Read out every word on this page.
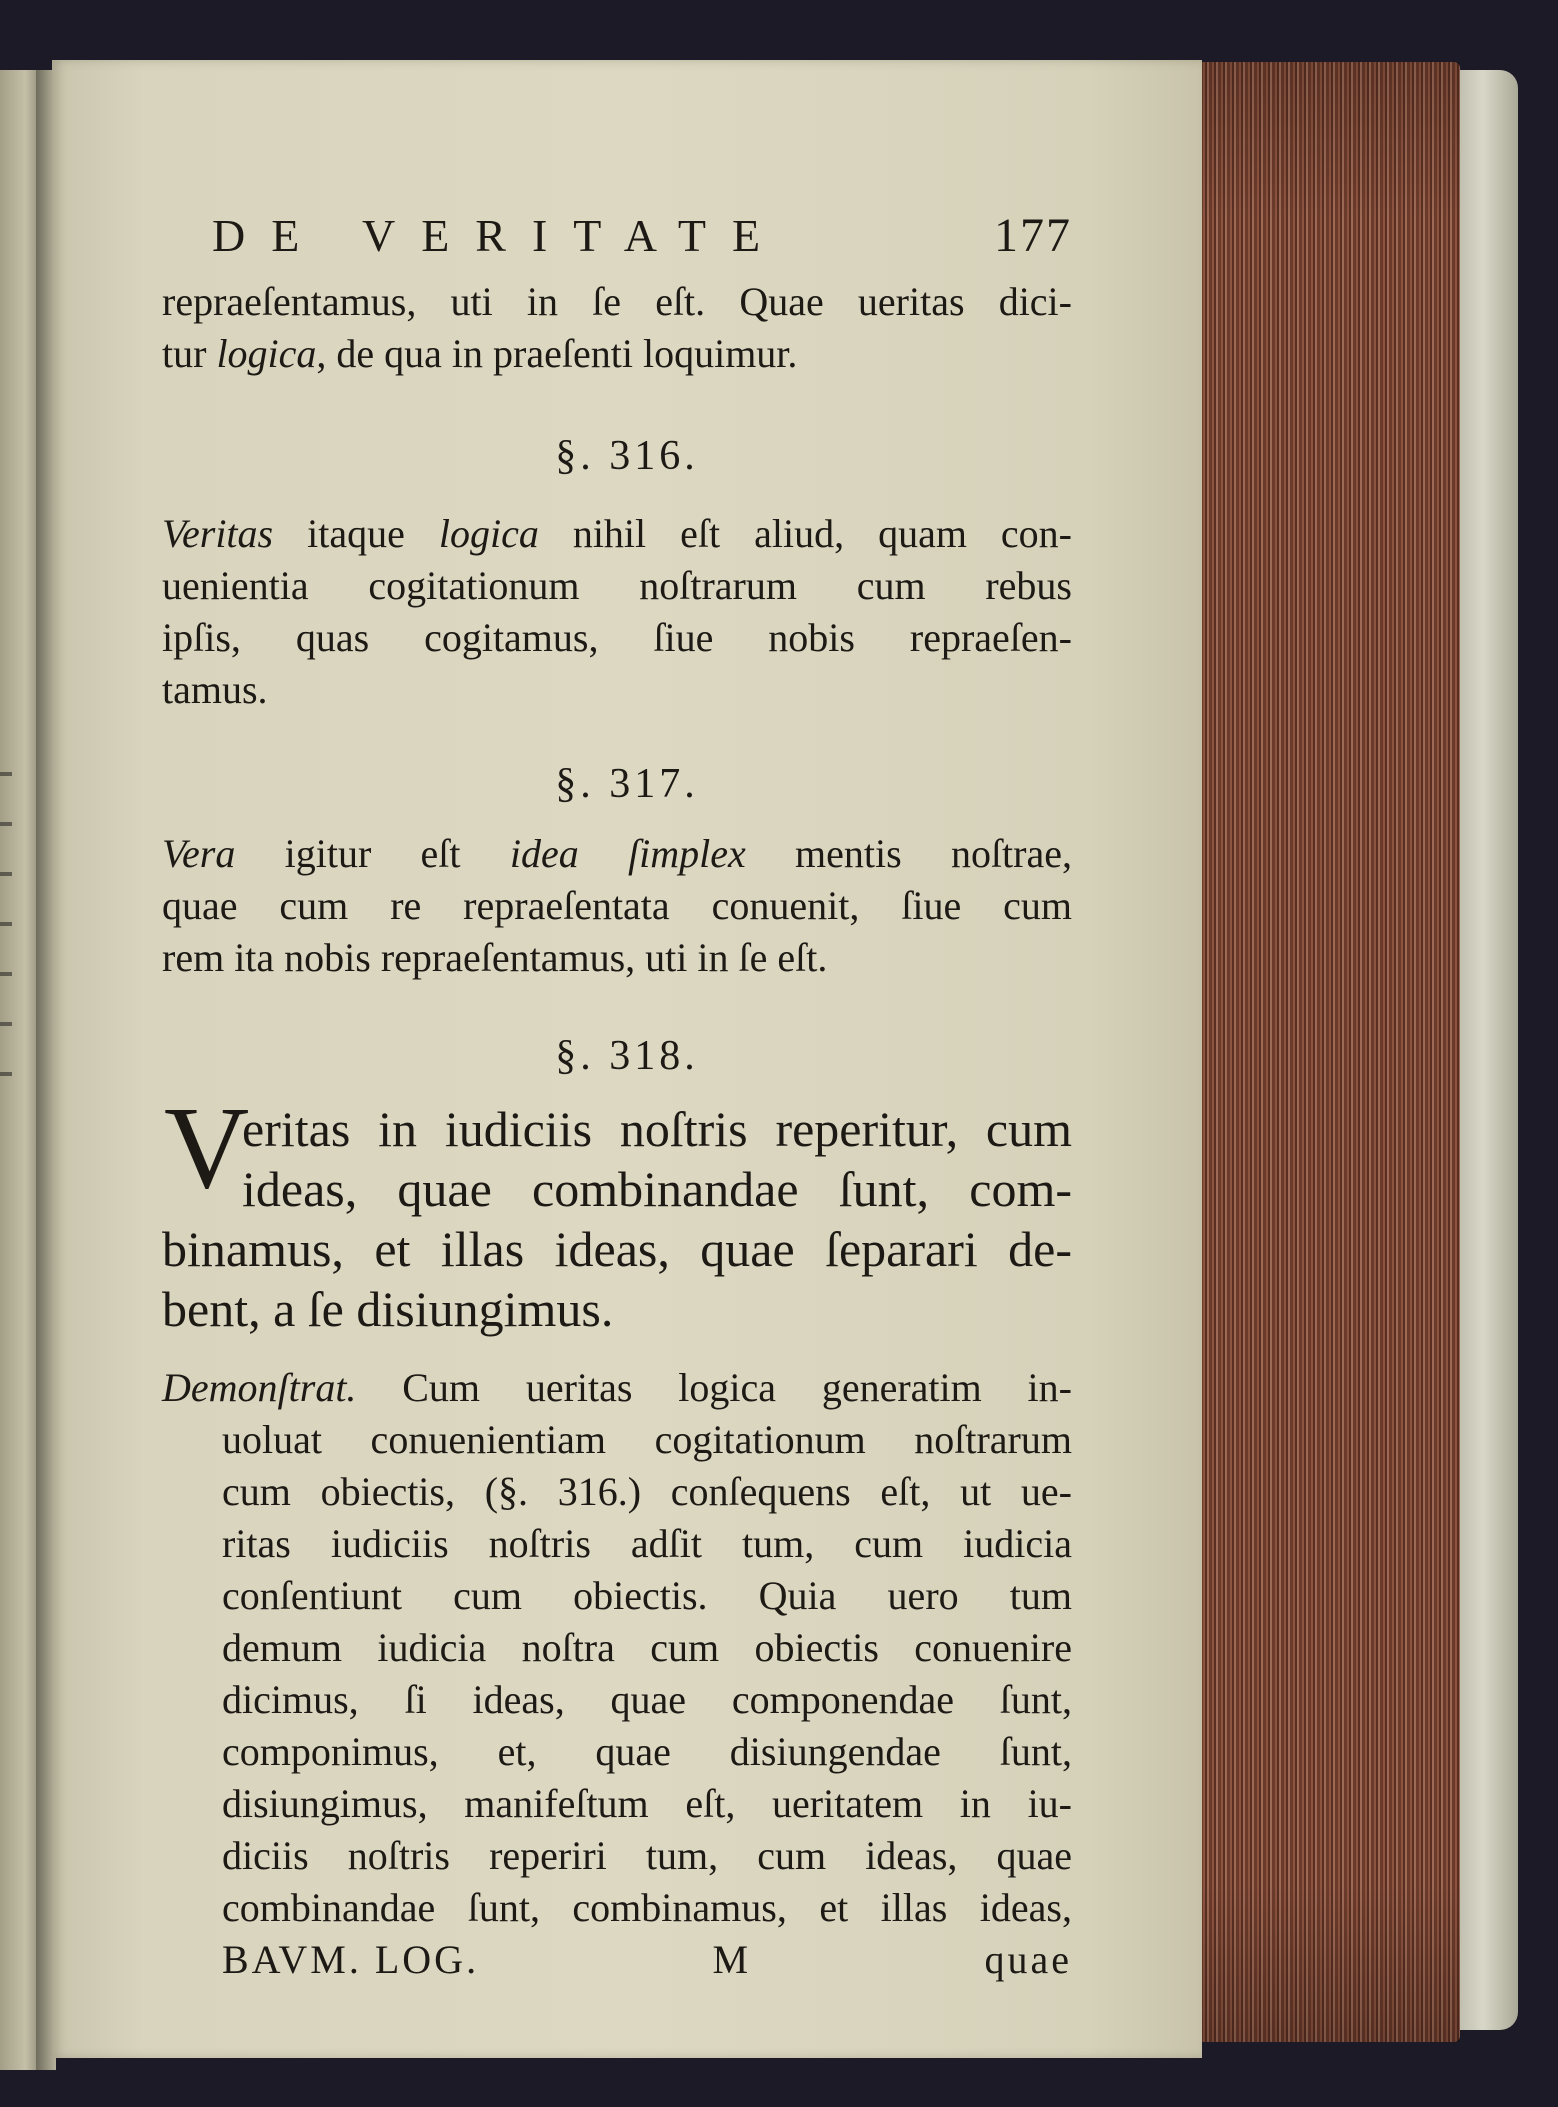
DE VERITATE	177
repraeſentamus, uti in ſe eſt. Quae ueritas dici-
tur logica, de qua in praeſenti loquimur.
§. 316.
Veritas itaque logica nihil eſt aliud, quam con-
uenientia cogitationum noſtrarum cum rebus
ipſis, quas cogitamus, ſiue nobis repraeſen-
tamus.
§. 317.
Vera igitur eſt idea ſimplex mentis noſtrae,
quae cum re repraeſentata conuenit, ſiue cum
rem ita nobis repraeſentamus, uti in ſe eſt.
§. 318.
V
eritas in iudiciis noſtris reperitur, cum
ideas, quae combinandae ſunt, com-
binamus, et illas ideas, quae ſeparari de-
bent, a ſe disiungimus.
Demonſtrat. Cum ueritas logica generatim in-
uoluat conuenientiam cogitationum noſtrarum
cum obiectis, (§. 316.) conſequens eſt, ut ue-
ritas iudiciis noſtris adſit tum, cum iudicia
conſentiunt cum obiectis. Quia uero tum
demum iudicia noſtra cum obiectis conuenire
dicimus, ſi ideas, quae componendae ſunt,
componimus, et, quae disiungendae ſunt,
disiungimus, manifeſtum eſt, ueritatem in iu-
diciis noſtris reperiri tum, cum ideas, quae
combinandae ſunt, combinamus, et illas ideas,
BAVM. LOG.	M	quae
